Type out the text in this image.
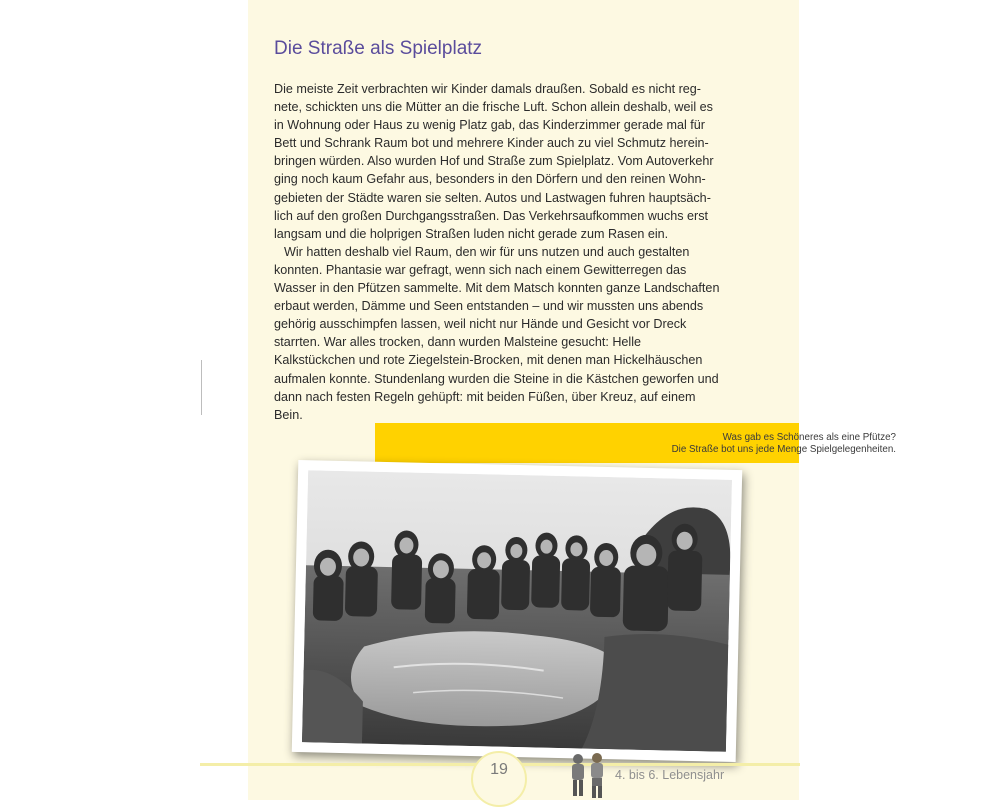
Die Straße als Spielplatz

Die meiste Zeit verbrachten wir Kinder damals draußen. Sobald es nicht regnete, schickten uns die Mütter an die frische Luft. Schon allein deshalb, weil es in Wohnung oder Haus zu wenig Platz gab, das Kinderzimmer gerade mal für Bett und Schrank Raum bot und mehrere Kinder auch zu viel Schmutz hereinbringen würden. Also wurden Hof und Straße zum Spielplatz. Vom Autoverkehr ging noch kaum Gefahr aus, besonders in den Dörfern und den reinen Wohngebieten der Städte waren sie selten. Autos und Lastwagen fuhren hauptsächlich auf den großen Durchgangsstraßen. Das Verkehrsaufkommen wuchs erst langsam und die holprigen Straßen luden nicht gerade zum Rasen ein.

Wir hatten deshalb viel Raum, den wir für uns nutzen und auch gestalten konnten. Phantasie war gefragt, wenn sich nach einem Gewitterregen das Wasser in den Pfützen sammelte. Mit dem Matsch konnten ganze Landschaften erbaut werden, Dämme und Seen entstanden – und wir mussten uns abends gehörig ausschimpfen lassen, weil nicht nur Hände und Gesicht vor Dreck starrten. War alles trocken, dann wurden Malsteine gesucht: Helle Kalkstückchen und rote Ziegelstein-Brocken, mit denen man Hickelhäuschen aufmalen konnte. Stundenlang wurden die Steine in die Kästchen geworfen und dann nach festen Regeln gehüpft: mit beiden Füßen, über Kreuz, auf einem Bein.

Was gab es Schöneres als eine Pfütze?
Die Straße bot uns jede Menge Spielgelegenheiten.
19	4. bis 6. Lebensjahr
